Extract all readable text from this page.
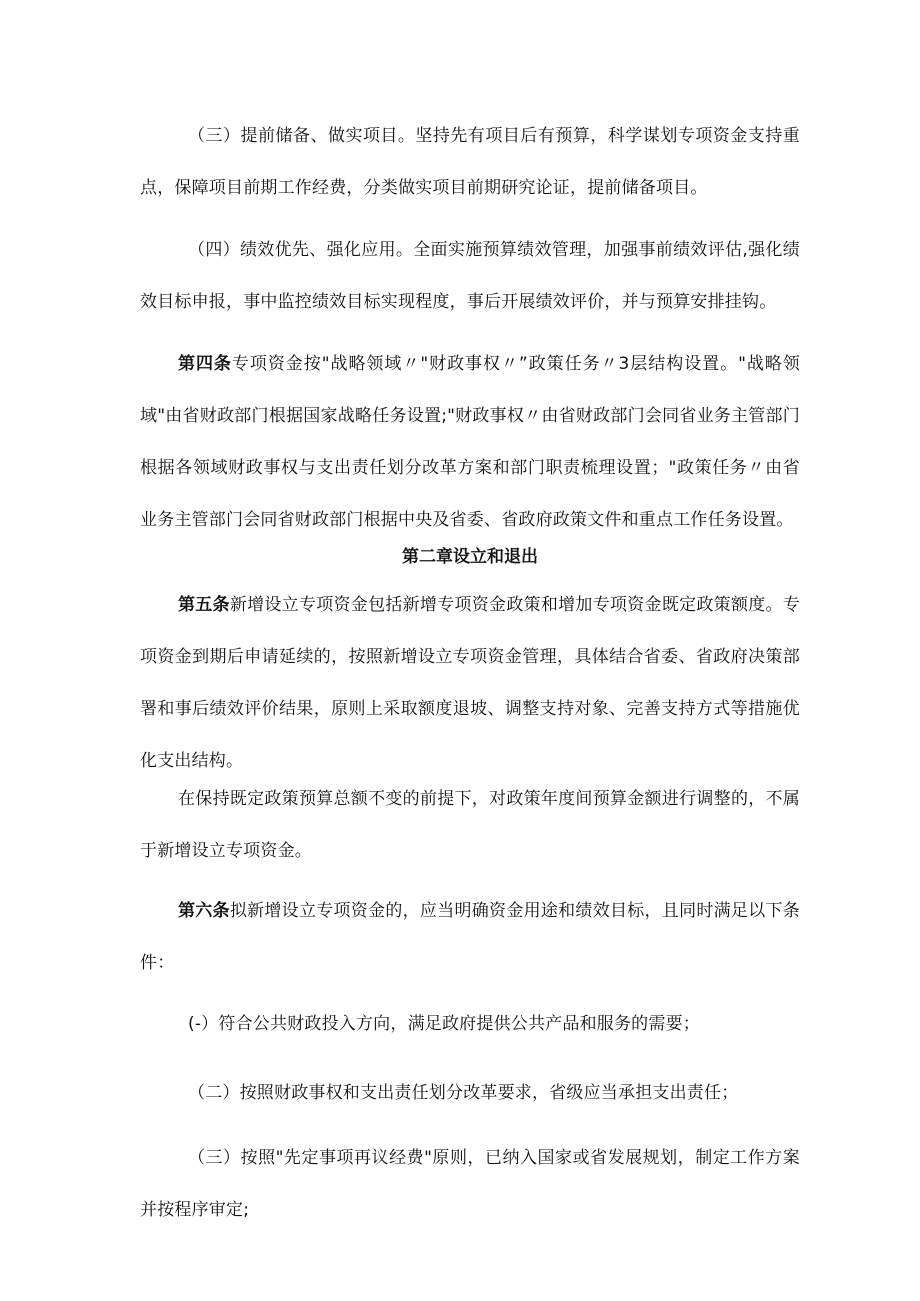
（三）提前储备、做实项目。坚持先有项目后有预算，科学谋划专项资金支持重点，保障项目前期工作经费，分类做实项目前期研究论证，提前储备项目。

（四）绩效优先、强化应用。全面实施预算绩效管理，加强事前绩效评估,强化绩效目标申报，事中监控绩效目标实现程度，事后开展绩效评价，并与预算安排挂钩。

第四条专项资金按"战略领域〃"财政事权〃”政策任务〃3层结构设置。"战略领域"由省财政部门根据国家战略任务设置;"财政事权〃由省财政部门会同省业务主管部门根据各领域财政事权与支出责任划分改革方案和部门职责梳理设置；"政策任务〃由省业务主管部门会同省财政部门根据中央及省委、省政府政策文件和重点工作任务设置。

第二章设立和退出

第五条新增设立专项资金包括新增专项资金政策和增加专项资金既定政策额度。专项资金到期后申请延续的，按照新增设立专项资金管理，具体结合省委、省政府决策部署和事后绩效评价结果，原则上采取额度退坡、调整支持对象、完善支持方式等措施优化支出结构。

在保持既定政策预算总额不变的前提下，对政策年度间预算金额进行调整的，不属于新增设立专项资金。

第六条拟新增设立专项资金的，应当明确资金用途和绩效目标，且同时满足以下条件：

(-）符合公共财政投入方向，满足政府提供公共产品和服务的需要；

（二）按照财政事权和支出责任划分改革要求，省级应当承担支出责任；

（三）按照"先定事项再议经费"原则，已纳入国家或省发展规划，制定工作方案并按程序审定;
